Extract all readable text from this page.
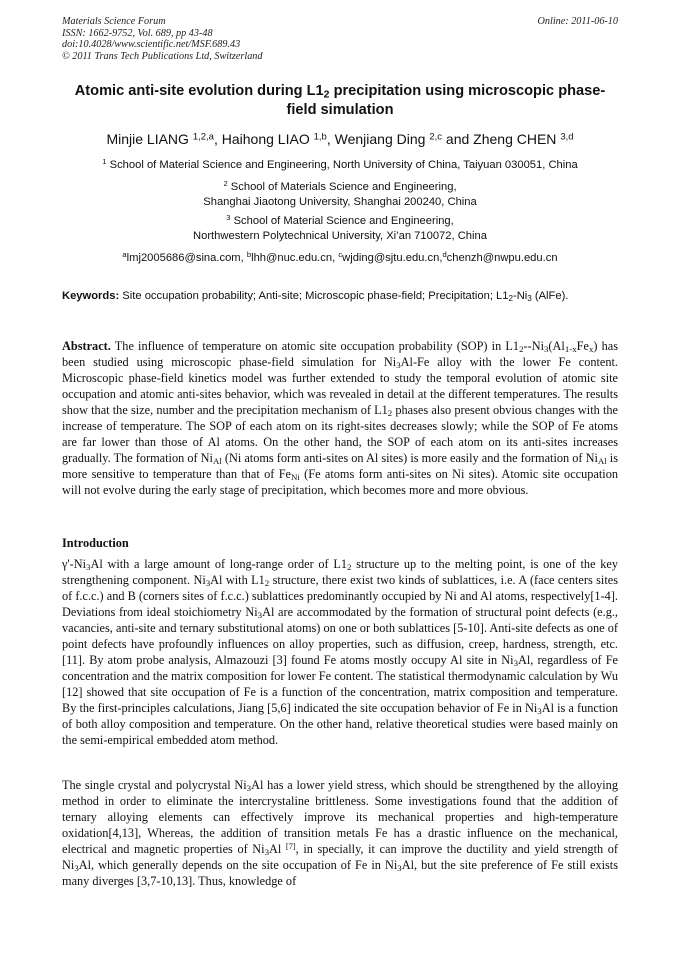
Materials Science Forum
ISSN: 1662-9752, Vol. 689, pp 43-48
doi:10.4028/www.scientific.net/MSF.689.43
© 2011 Trans Tech Publications Ltd, Switzerland
Online: 2011-06-10
Atomic anti-site evolution during $L1_2$ precipitation using microscopic phase-field simulation
Minjie LIANG $^{1,2,a}$, Haihong LIAO $^{1,b}$, Wenjiang Ding $^{2,c}$ and Zheng CHEN $^{3,d}$
$^1$ School of Material Science and Engineering, North University of China, Taiyuan 030051, China
$^2$ School of Materials Science and Engineering,
Shanghai Jiaotong University, Shanghai 200240, China
$^3$ School of Material Science and Engineering,
Northwestern Polytechnical University, Xi’an 710072, China
$^a$lmj2005686@sina.com, $^b$lhh@nuc.edu.cn, $^c$wjding@sjtu.edu.cn,$^d$chenzh@nwpu.edu.cn
Keywords: Site occupation probability; Anti-site; Microscopic phase-field; Precipitation; $L1_2-Ni_3$ (AlFe).
Abstract. The influence of temperature on atomic site occupation probability (SOP) in $L1_2--Ni_3(Al_{1-x}Fe_x)$ has been studied using microscopic phase-field simulation for $Ni_3Al-Fe$ alloy with the lower Fe content. Microscopic phase-field kinetics model was further extended to study the temporal evolution of atomic site occupation and atomic anti-sites behavior, which was revealed in detail at the different temperatures. The results show that the size, number and the precipitation mechanism of $L1_2$ phases also present obvious changes with the increase of temperature. The SOP of each atom on its right-sites decreases slowly; while the SOP of Fe atoms are far lower than those of Al atoms. On the other hand, the SOP of each atom on its anti-sites increases gradually. The formation of $Ni_{Al}$ (Ni atoms form anti-sites on Al sites) is more easily and the formation of $Ni_{Al}$ is more sensitive to temperature than that of $Fe_{Ni}$ (Fe atoms form anti-sites on Ni sites). Atomic site occupation will not evolve during the early stage of precipitation, which becomes more and more obvious.
Introduction
$\gamma'-Ni_3Al$ with a large amount of long-range order of $L1_2$ structure up to the melting point, is one of the key strengthening component. $Ni_3Al$ with $L1_2$ structure, there exist two kinds of sublattices, i.e. A (face centers sites of f.c.c.) and B (corners sites of f.c.c.) sublattices predominantly occupied by Ni and Al atoms, respectively[1-4]. Deviations from ideal stoichiometry $Ni_3Al$ are accommodated by the formation of structural point defects (e.g., vacancies, anti-site and ternary substitutional atoms) on one or both sublattices [5-10]. Anti-site defects as one of point defects have profoundly influences on alloy properties, such as diffusion, creep, hardness, strength, etc. [11]. By atom probe analysis, Almazouzi [3] found Fe atoms mostly occupy Al site in $Ni_3Al$, regardless of Fe concentration and the matrix composition for lower Fe content. The statistical thermodynamic calculation by Wu [12] showed that site occupation of Fe is a function of the concentration, matrix composition and temperature. By the first-principles calculations, Jiang [5,6] indicated the site occupation behavior of Fe in $Ni_3Al$ is a function of both alloy composition and temperature. On the other hand, relative theoretical studies were based mainly on the semi-empirical embedded atom method.
The single crystal and polycrystal $Ni_3Al$ has a lower yield stress, which should be strengthened by the alloying method in order to eliminate the intercrystaline brittleness. Some investigations found that the addition of ternary alloying elements can effectively improve its mechanical properties and high-temperature oxidation[4,13], Whereas, the addition of transition metals Fe has a drastic influence on the mechanical, electrical and magnetic properties of $Ni_3Al$ [7], in specially, it can improve the ductility and yield strength of $Ni_3Al$, which generally depends on the site occupation of Fe in $Ni_3Al$, but the site preference of Fe still exists many diverges [3,7-10,13]. Thus, knowledge of
